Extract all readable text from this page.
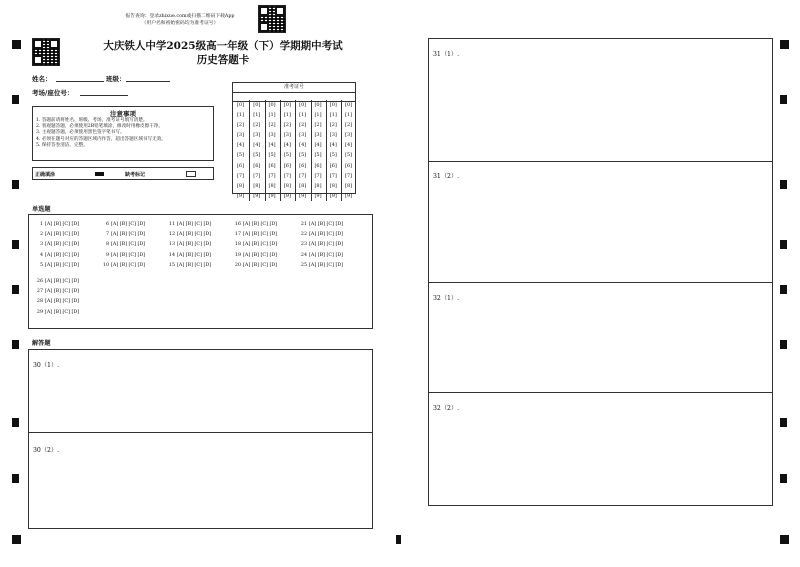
报告查询：登录zhixue.com或扫描二维码下载App
（用户名和初始密码均为准考证号）
大庆铁人中学2025级高一年级（下）学期期中考试
历史答题卡
姓名：	班级：
考场/座位号：
注意事项
1. 答题前请将姓名、班级、考场、准考证号填写清楚。
2. 客观题答题，必须使用2B铅笔填涂，修改时用橡皮擦干净。
3. 主观题答题，必须使用黑色签字笔书写。
4. 必须在题号对应的答题区域内作答，超出答题区域书写无效。
5. 保持答卷清洁、完整。
正确填涂	缺考标记
准考证号
[0]
[1]
[2]
[3]
[4]
[5]
[6]
[7]
[8]
[9]
[0]
[1]
[2]
[3]
[4]
[5]
[6]
[7]
[8]
[9]
[0]
[1]
[2]
[3]
[4]
[5]
[6]
[7]
[8]
[9]
[0]
[1]
[2]
[3]
[4]
[5]
[6]
[7]
[8]
[9]
[0]
[1]
[2]
[3]
[4]
[5]
[6]
[7]
[8]
[9]
[0]
[1]
[2]
[3]
[4]
[5]
[6]
[7]
[8]
[9]
[0]
[1]
[2]
[3]
[4]
[5]
[6]
[7]
[8]
[9]
[0]
[1]
[2]
[3]
[4]
[5]
[6]
[7]
[8]
[9]
单选题
1 [A] [B] [C] [D]
2 [A] [B] [C] [D]
3 [A] [B] [C] [D]
4 [A] [B] [C] [D]
5 [A] [B] [C] [D]
6 [A] [B] [C] [D]
7 [A] [B] [C] [D]
8 [A] [B] [C] [D]
9 [A] [B] [C] [D]
10 [A] [B] [C] [D]
11 [A] [B] [C] [D]
12 [A] [B] [C] [D]
13 [A] [B] [C] [D]
14 [A] [B] [C] [D]
15 [A] [B] [C] [D]
16 [A] [B] [C] [D]
17 [A] [B] [C] [D]
18 [A] [B] [C] [D]
19 [A] [B] [C] [D]
20 [A] [B] [C] [D]
21 [A] [B] [C] [D]
22 [A] [B] [C] [D]
23 [A] [B] [C] [D]
24 [A] [B] [C] [D]
25 [A] [B] [C] [D]
26 [A] [B] [C] [D]
27 [A] [B] [C] [D]
28 [A] [B] [C] [D]
29 [A] [B] [C] [D]
解答题
30（1）.
30（2）.
31（1）.
31（2）.
32（1）.
32（2）.
